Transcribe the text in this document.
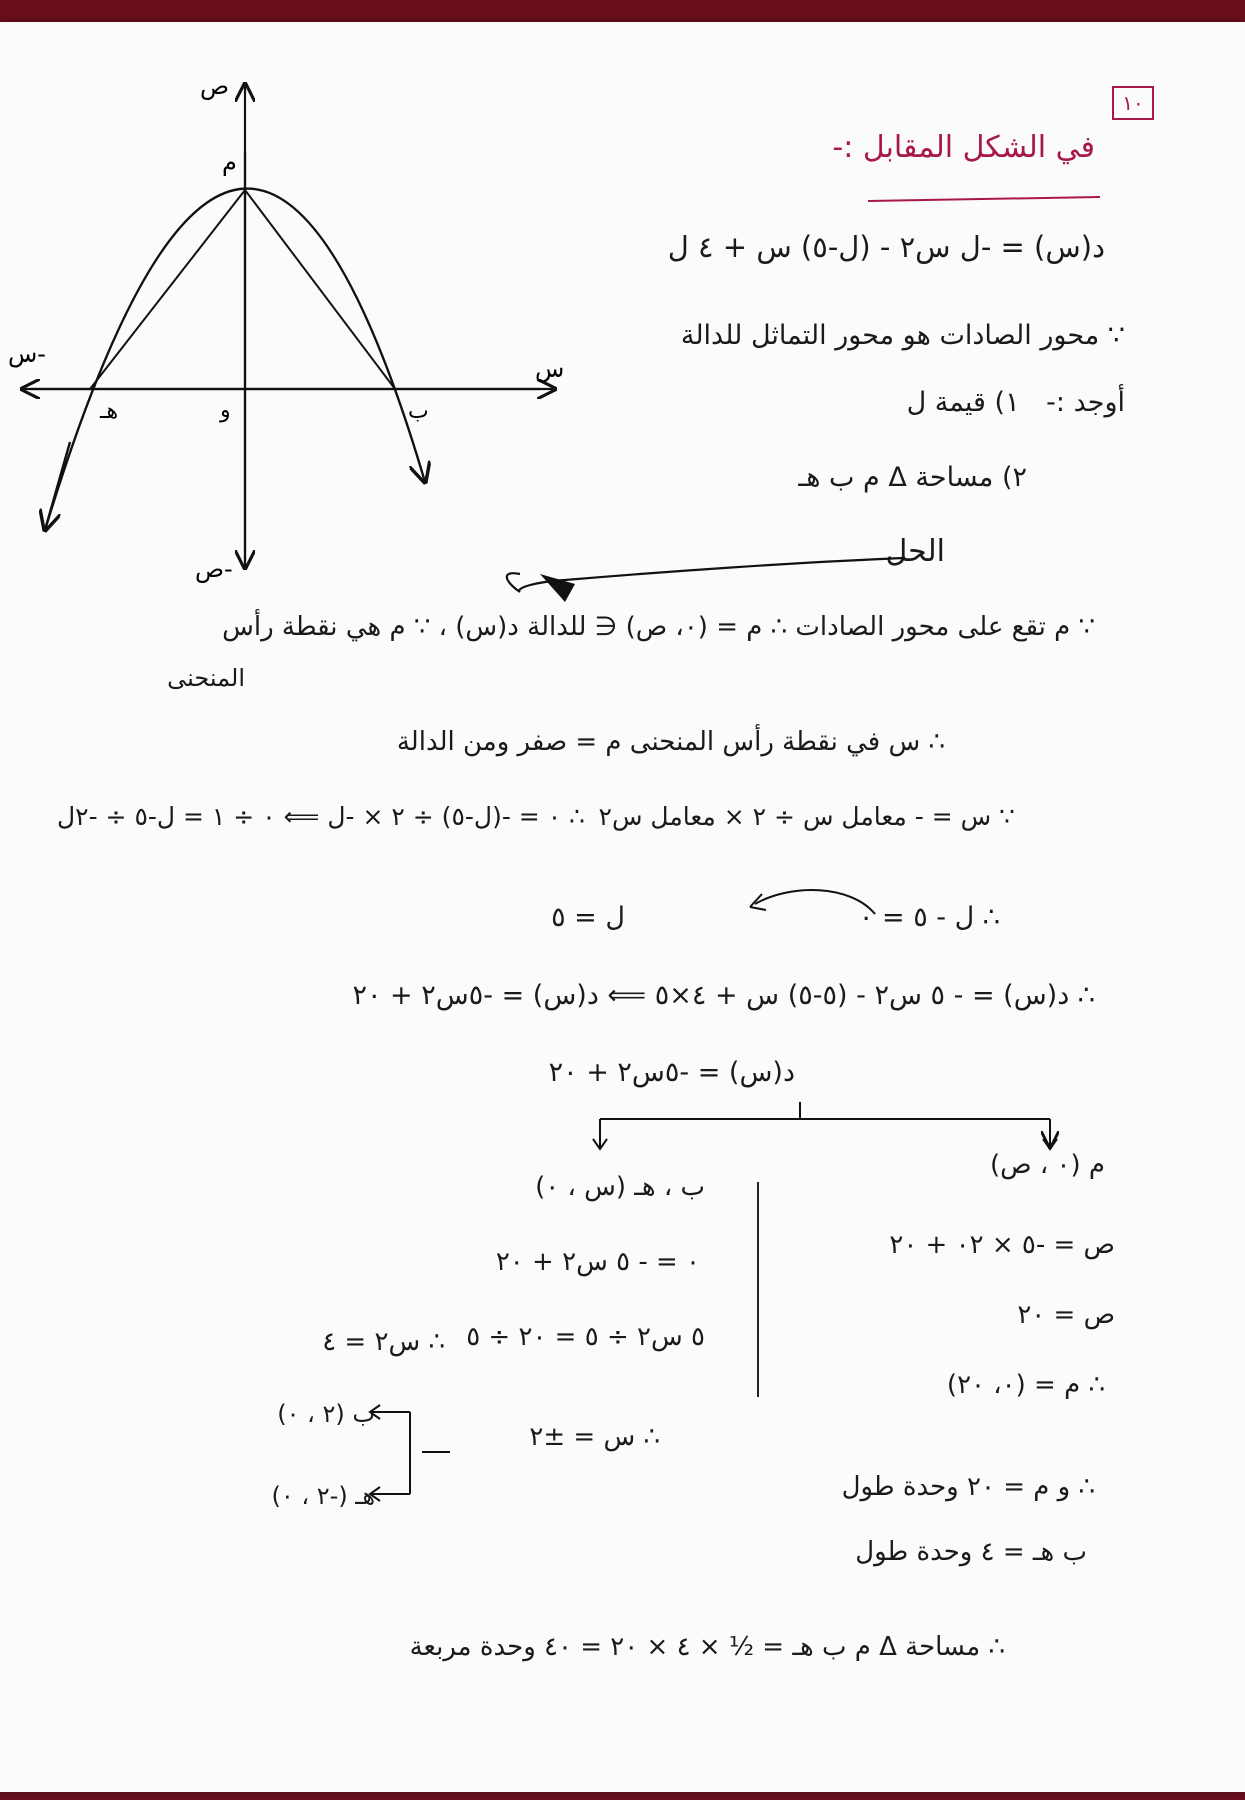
١٠
في الشكل المقابل :-
د(س) = -ل س٢ - (ل-٥) س + ٤ ل
∵ محور الصادات هو محور التماثل للدالة
أوجد :- ١) قيمة ل
٢) مساحة Δ م ب هـ
الحل
ص
ص-
س
س-
م
و	ب
هـ
∵ م تقع على محور الصادات ∴ م = (٠، ص) ∈ للدالة د(س) ، ∵ م هي نقطة رأس
المنحنى
∴ س في نقطة رأس المنحنى م = صفر ومن الدالة
∵ س = - معامل س ÷ ٢ × معامل س٢
∴ ٠ = -(ل-٥) ÷ ٢ × -ل ⟸ ٠ ÷ ١ = ل-٥ ÷ -٢ل
∴ ل - ٥ = ٠
ل = ٥
∴ د(س) = - ٥ س٢ - (٥-٥) س + ٤×٥ ⟸ د(س) = -٥س٢ + ٢٠
د(س) = -٥س٢ + ٢٠
م (٠ ، ص)
ص = -٥ × ٠٢ + ٢٠
ص = ٢٠
∴ م = (٠، ٢٠)
ب ، هـ (س ، ٠)
٠ = - ٥ س٢ + ٢٠
٥ س٢ ÷ ٥ = ٢٠ ÷ ٥
∴ س٢ = ٤
∴ س = ±٢
ب (٢ ، ٠)
هـ (-٢ ، ٠)	∴ و م = ٢٠ وحدة طول
ب هـ = ٤ وحدة طول
∴ مساحة Δ م ب هـ = ½ × ٤ × ٢٠ = ٤٠ وحدة مربعة
